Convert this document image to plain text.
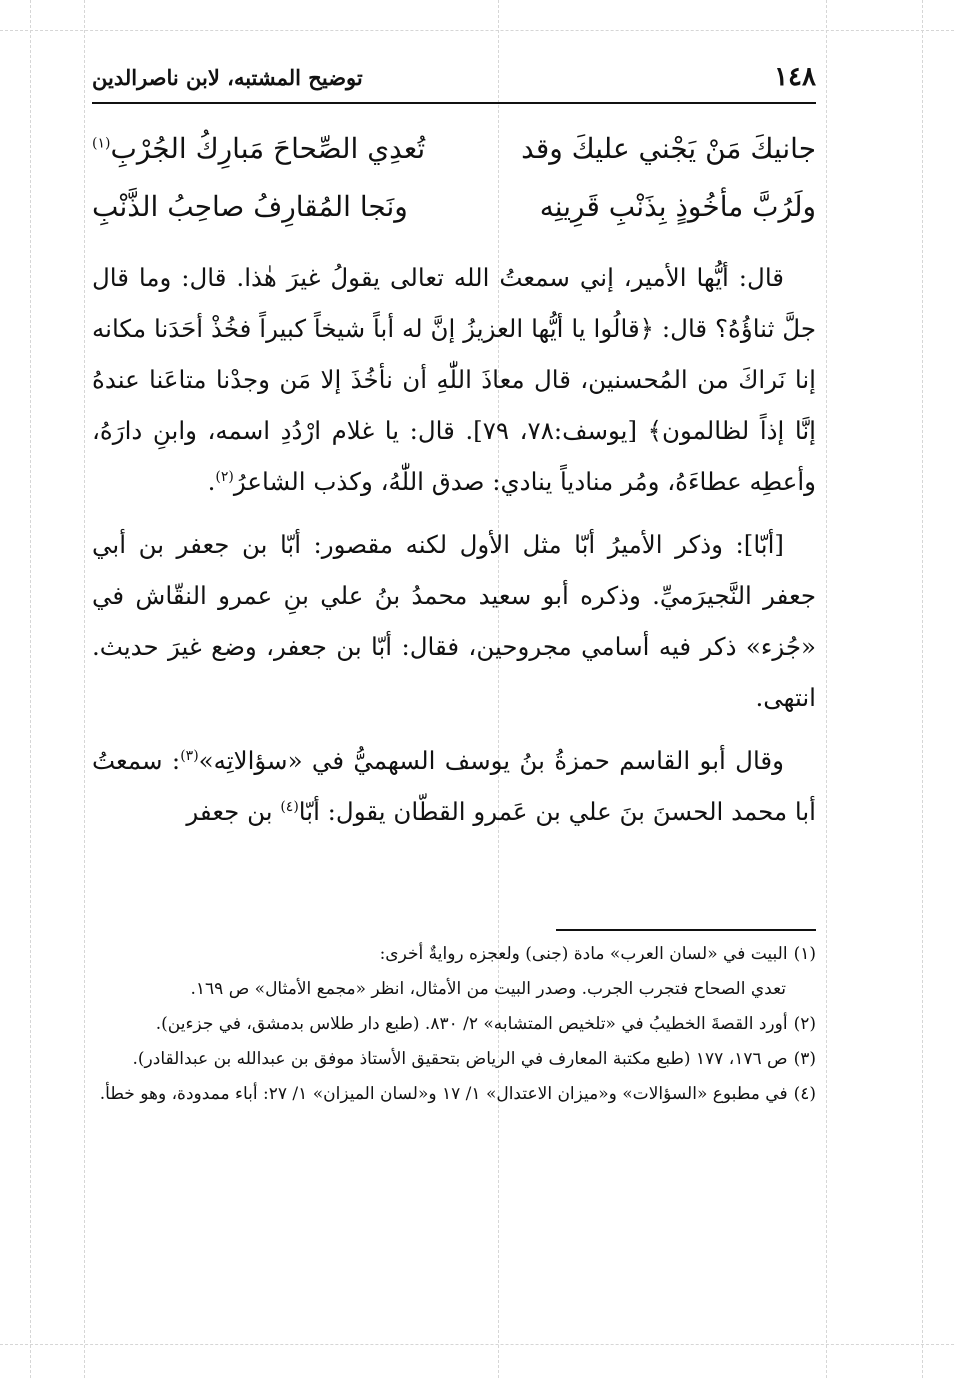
١٤٨
توضيح المشتبه، لابن ناصرالدين
جانيكَ مَنْ يَجْني عليكَ وقد
تُعدِي الصِّحاحَ مَبارِكُ الجُرْبِ$^{(١)}$
ولَرُبَّ مأخُوذٍ بِذَنْبِ قَرِينِه
ونَجا المُقارِفُ صاحِبُ الذَّنْبِ

قال: أيُّها الأمير، إني سمعتُ الله تعالى يقولُ غيرَ هٰذا. قال: وما قال جلَّ ثناؤُهُ؟ قال: ﴿قالُوا يا أيُّها العزيزُ إنَّ له أباً شيخاً كبيراً فخُذْ أحَدَنا مكانه إنا نَراكَ من المُحسنين، قال معاذَ اللّٰهِ أن نأخُذَ إلا مَن وجدْنا متاعَنا عندهُ إنَّا إذاً لظالمون﴾ [يوسف:٧٨، ٧٩]. قال: يا غلام ارْدُدِ اسمه، وابنِ دارَهُ، وأعطِه عطاءَهُ، ومُر منادياً ينادي: صدق اللّٰهُ، وكذب الشاعرُ$^{(٢)}$.

[أبّا]: وذكر الأميرُ أبّا مثل الأول لكنه مقصور: أبّا بن جعفر بن أبي جعفر النَّجيرَميِّ. وذكره أبو سعيد محمدُ بنُ علي بنِ عمرو النقّاش في «جُزء» ذكر فيه أسامي مجروحين، فقال: أبّا بن جعفر، وضع غيرَ حديث. انتهى.

وقال أبو القاسم حمزةُ بنُ يوسف السهميُّ في «سؤالاتِه»$^{(٣)}$: سمعتُ أبا محمد الحسنَ بنَ علي بن عَمرو القطّان يقول: أبّا$^{(٤)}$ بن جعفر

(١)البيت في «لسان العرب» مادة (جنى) ولعجزه روايةٌ أخرى:

تعدي الصحاح فتجرب الجرب. وصدر البيت من الأمثال، انظر «مجمع الأمثال» ص ١٦٩.

(٢)أورد القصةَ الخطيبُ في «تلخيص المتشابه» ٢/ ٨٣٠. (طبع دار طلاس بدمشق، في جزءين).

(٣)ص ١٧٦، ١٧٧ (طبع مكتبة المعارف في الرياض بتحقيق الأستاذ موفق بن عبدالله بن عبدالقادر).

(٤)في مطبوع «السؤالات» و«ميزان الاعتدال» ١/ ١٧ و«لسان الميزان» ١/ ٢٧: أباء ممدودة، وهو خطأ.
